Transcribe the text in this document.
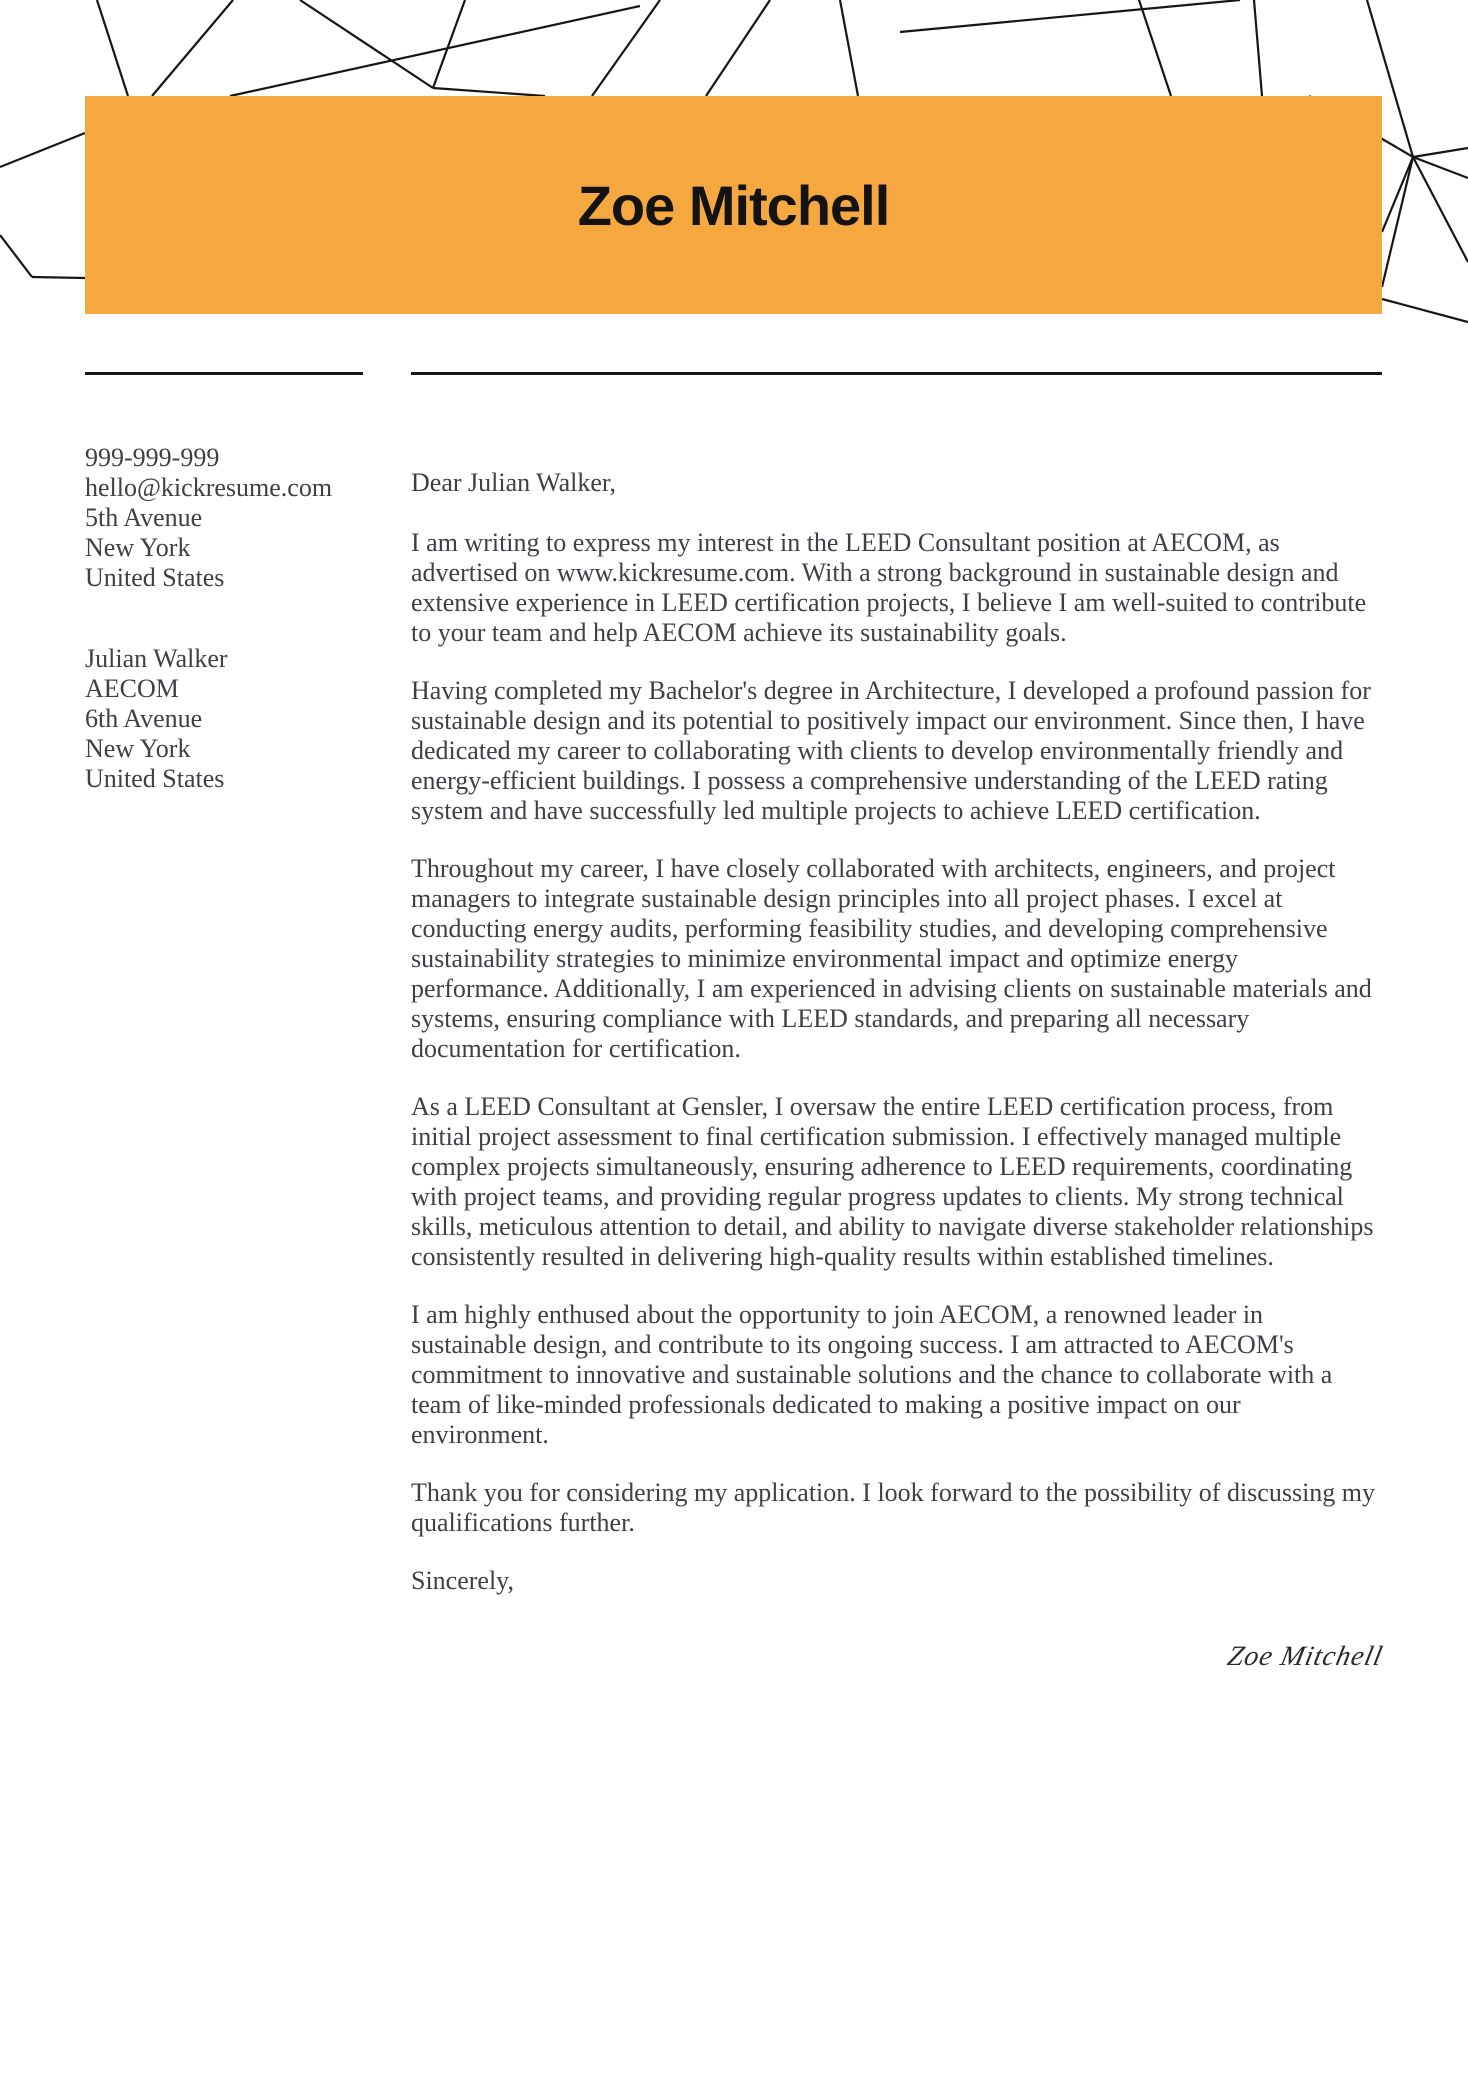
Zoe Mitchell
999-999-999
hello@kickresume.com
5th Avenue
New York
United States
Julian Walker
AECOM
6th Avenue
New York
United States

Dear Julian Walker,

I am writing to express my interest in the LEED Consultant position at AECOM, as advertised on www.kickresume.com. With a strong background in sustainable design and extensive experience in LEED certification projects, I believe I am well-suited to contribute to your team and help AECOM achieve its sustainability goals.

Having completed my Bachelor's degree in Architecture, I developed a profound passion for sustainable design and its potential to positively impact our environment. Since then, I have dedicated my career to collaborating with clients to develop environmentally friendly and energy-efficient buildings. I possess a comprehensive understanding of the LEED rating system and have successfully led multiple projects to achieve LEED certification.

Throughout my career, I have closely collaborated with architects, engineers, and project managers to integrate sustainable design principles into all project phases. I excel at conducting energy audits, performing feasibility studies, and developing comprehensive sustainability strategies to minimize environmental impact and optimize energy performance. Additionally, I am experienced in advising clients on sustainable materials and systems, ensuring compliance with LEED standards, and preparing all necessary documentation for certification.

As a LEED Consultant at Gensler, I oversaw the entire LEED certification process, from initial project assessment to final certification submission. I effectively managed multiple complex projects simultaneously, ensuring adherence to LEED requirements, coordinating with project teams, and providing regular progress updates to clients. My strong technical skills, meticulous attention to detail, and ability to navigate diverse stakeholder relationships consistently resulted in delivering high-quality results within established timelines.

I am highly enthused about the opportunity to join AECOM, a renowned leader in sustainable design, and contribute to its ongoing success. I am attracted to AECOM's commitment to innovative and sustainable solutions and the chance to collaborate with a team of like-minded professionals dedicated to making a positive impact on our environment.

Thank you for considering my application. I look forward to the possibility of discussing my qualifications further.

Sincerely,

Zoe Mitchell
